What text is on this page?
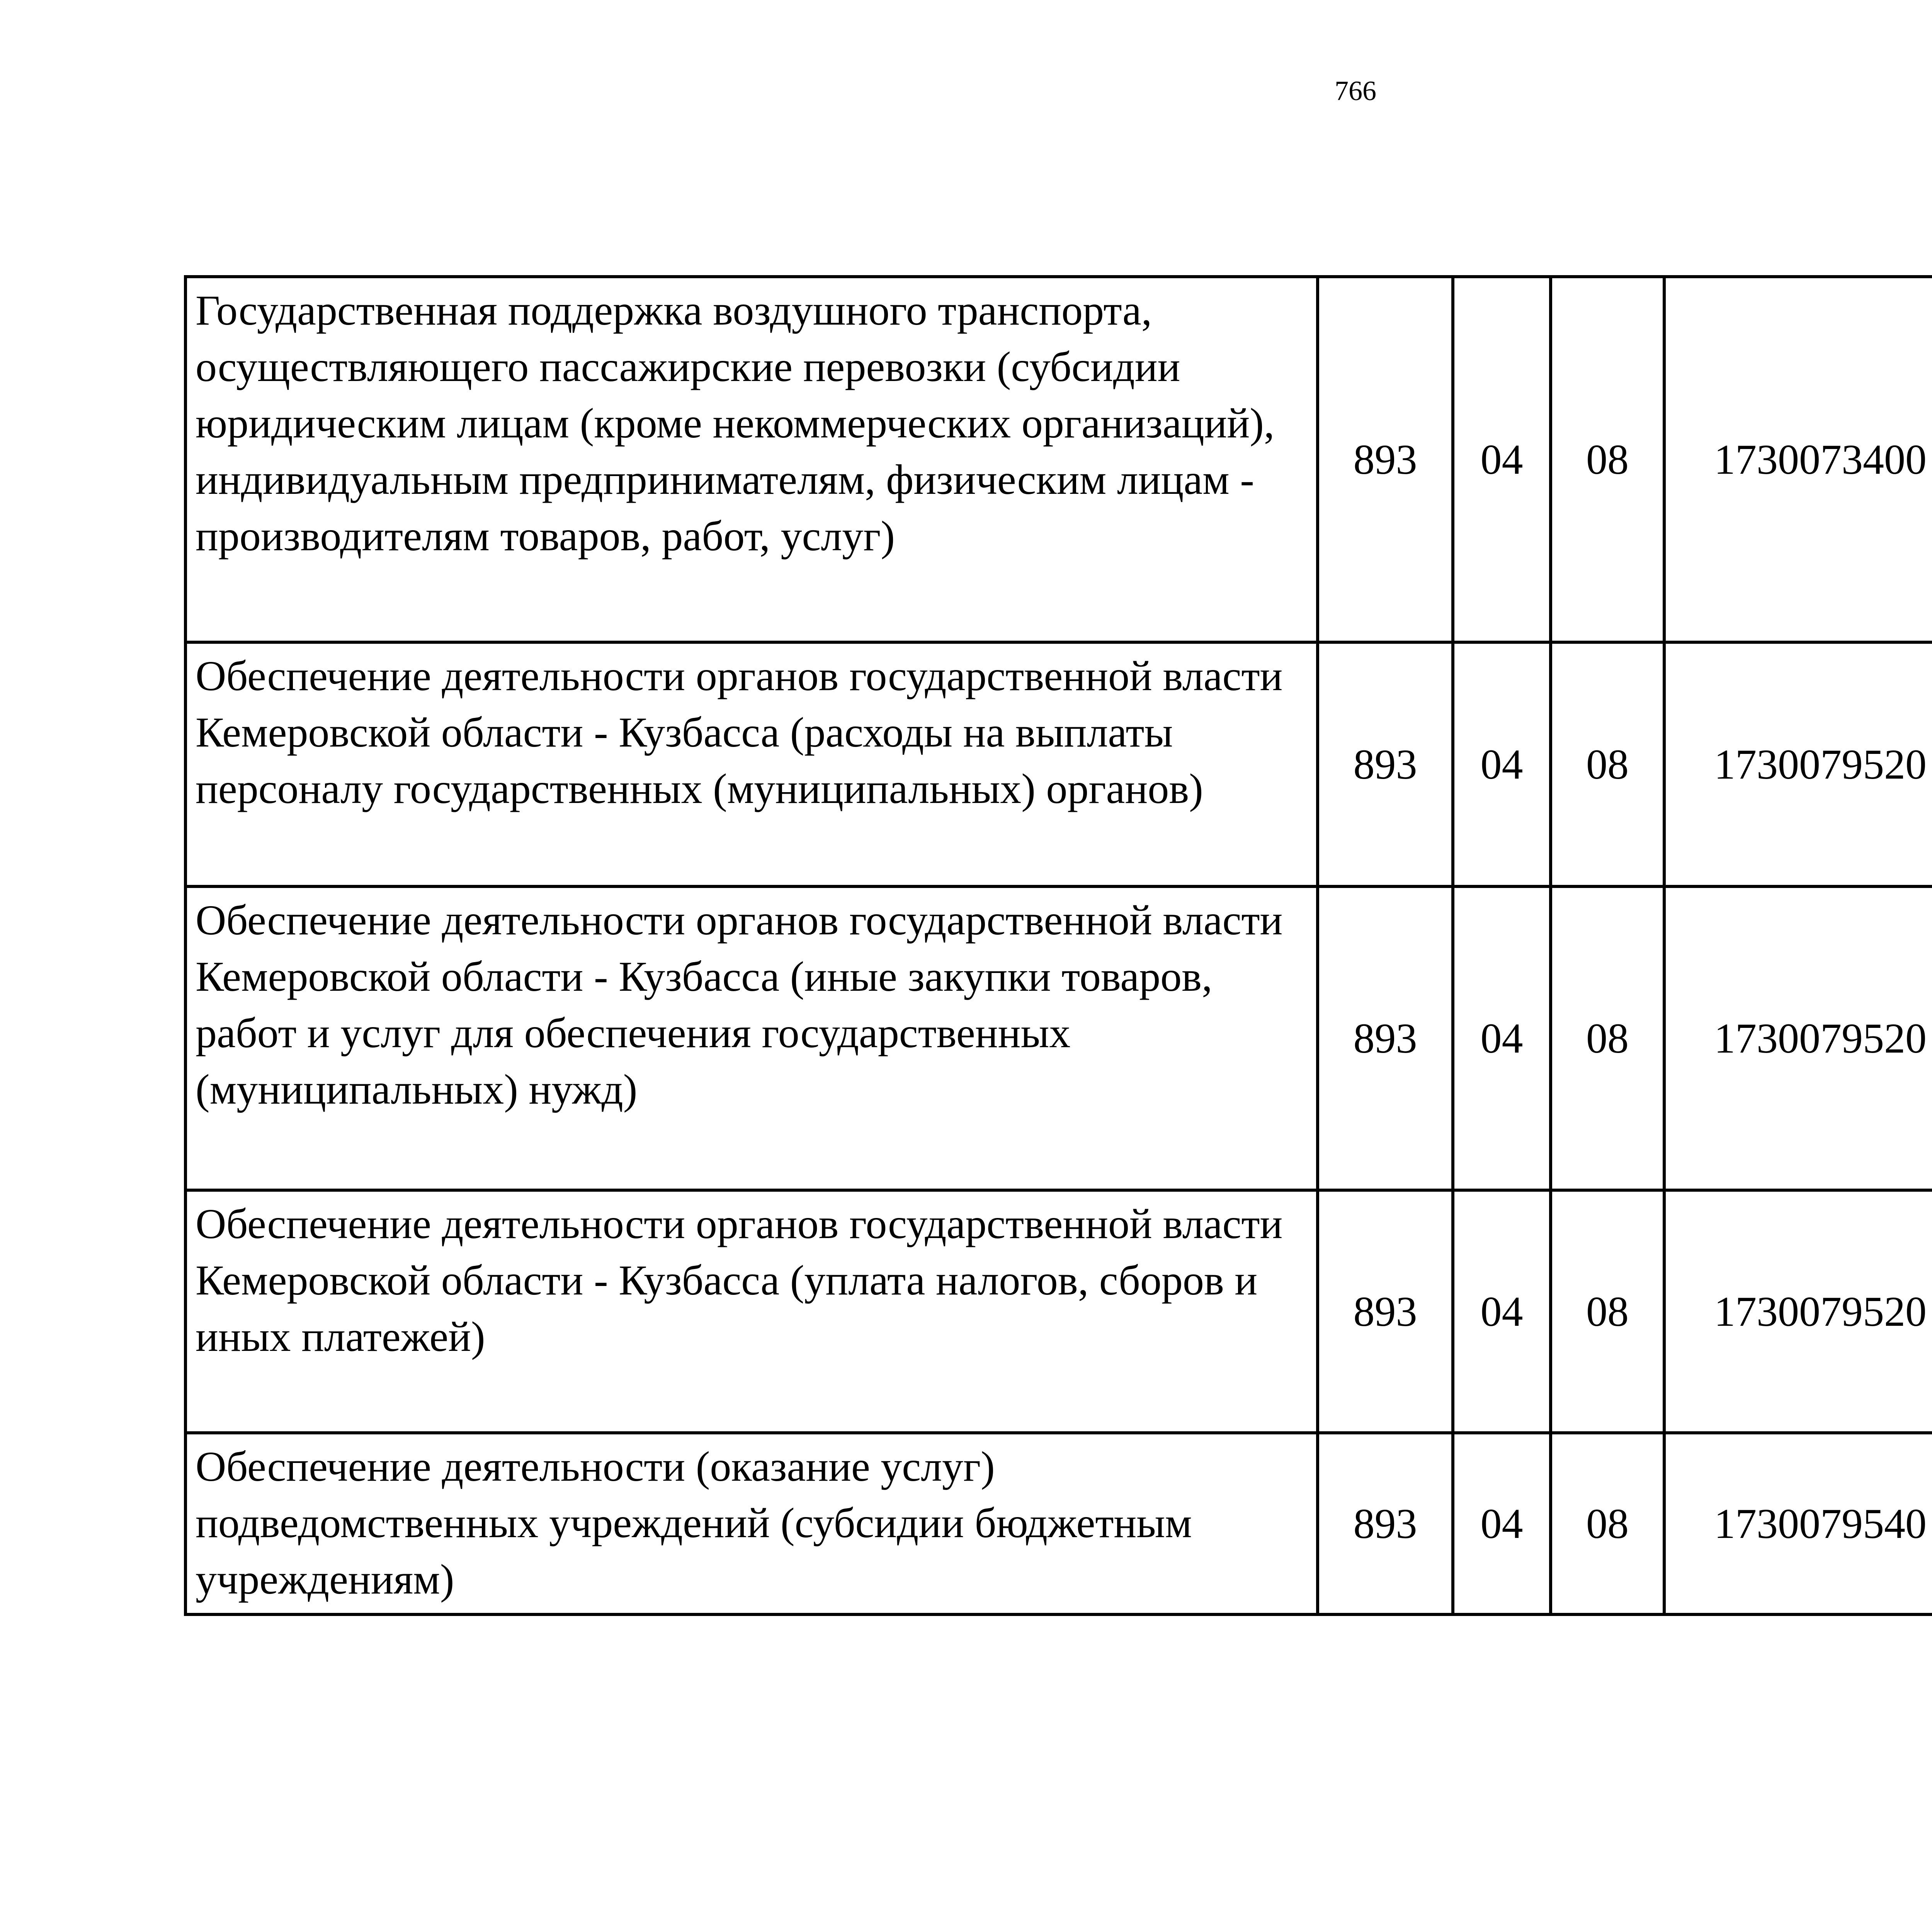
766
Государственная поддержка воздушного транспорта, осуществляющего пассажирские перевозки (субсидии юридическим лицам (кроме некоммерческих организаций), индивидуальным предпринимателям, физическим лицам - производителям товаров, работ, услуг)	893	04	08	1730073400		
Обеспечение деятельности органов государственной власти Кемеровской области - Кузбасса (расходы на выплаты персоналу государственных (муниципальных) органов)	893	04	08	1730079520		
Обеспечение деятельности органов государственной власти Кемеровской области - Кузбасса (иные закупки товаров, работ и услуг для обеспечения государственных (муниципальных) нужд)	893	04	08	1730079520		
Обеспечение деятельности органов государственной власти Кемеровской области - Кузбасса (уплата налогов, сборов и иных платежей)	893	04	08	1730079520		
Обеспечение деятельности (оказание услуг) подведомственных учреждений (субсидии бюджетным учреждениям)	893	04	08	1730079540		
